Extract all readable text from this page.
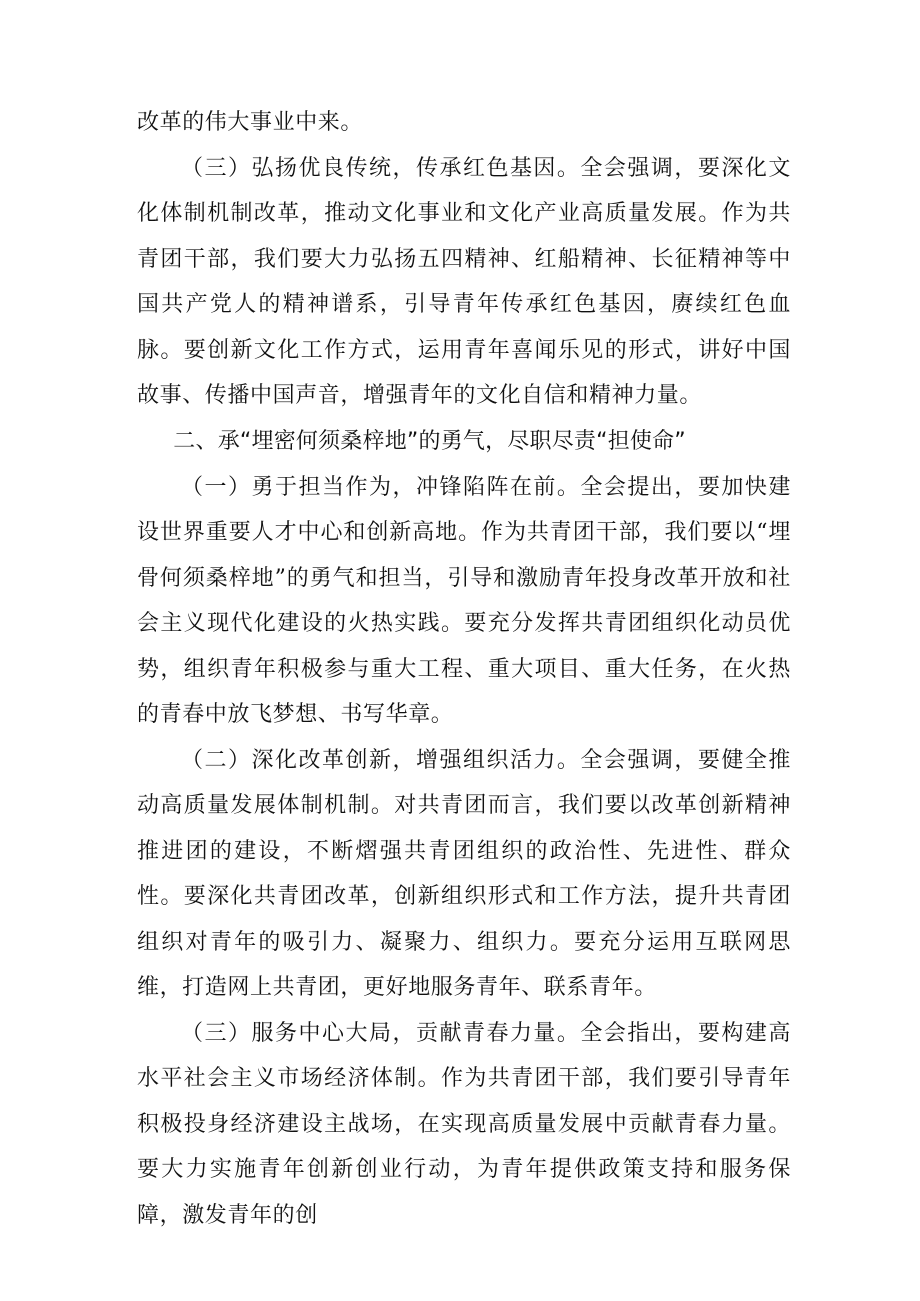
改革的伟大事业中来。

（三）弘扬优良传统，传承红色基因。全会强调，要深化文化体制机制改革，推动文化事业和文化产业高质量发展。作为共青团干部，我们要大力弘扬五四精神、红船精神、长征精神等中国共产党人的精神谱系，引导青年传承红色基因，赓续红色血脉。要创新文化工作方式，运用青年喜闻乐见的形式，讲好中国故事、传播中国声音，增强青年的文化自信和精神力量。

二、承“埋密何须桑梓地”的勇气，尽职尽责“担使命”

（一）勇于担当作为，冲锋陷阵在前。全会提出，要加快建设世界重要人才中心和创新高地。作为共青团干部，我们要以“埋骨何须桑梓地”的勇气和担当，引导和激励青年投身改革开放和社会主义现代化建设的火热实践。要充分发挥共青团组织化动员优势，组织青年积极参与重大工程、重大项目、重大任务，在火热的青春中放飞梦想、书写华章。

（二）深化改革创新，增强组织活力。全会强调，要健全推动高质量发展体制机制。对共青团而言，我们要以改革创新精神推进团的建设，不断熠强共青团组织的政治性、先进性、群众性。要深化共青团改革，创新组织形式和工作方法，提升共青团组织对青年的吸引力、凝聚力、组织力。要充分运用互联网思维，打造网上共青团，更好地服务青年、联系青年。

（三）服务中心大局，贡献青春力量。全会指出，要构建高水平社会主义市场经济体制。作为共青团干部，我们要引导青年积极投身经济建设主战场，在实现高质量发展中贡献青春力量。要大力实施青年创新创业行动，为青年提供政策支持和服务保障，激发青年的创
